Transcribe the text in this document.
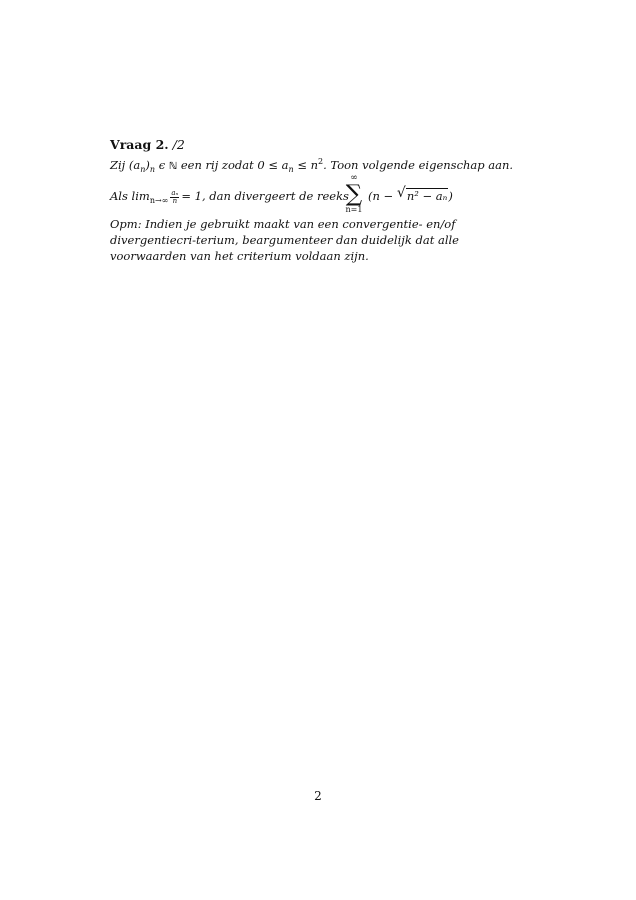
Vraag 2. /2
Zij $(a_n)_n$ ϵ ℕ een rij zodat $0 \le a_n \le n^2$. Toon volgende eigenschap aan.
Als $\lim_{n\to\infty} \frac{\text{aₙ}}{n} = 1$, dan divergeert de reeks
∞
∑
n=1
(n − √ n² − aₙ)
Opm: Indien je gebruikt maakt van een convergentie- en/of divergentiecri-terium, beargumenteer dan duidelijk dat alle voorwaarden van het criterium voldaan zijn.
2
